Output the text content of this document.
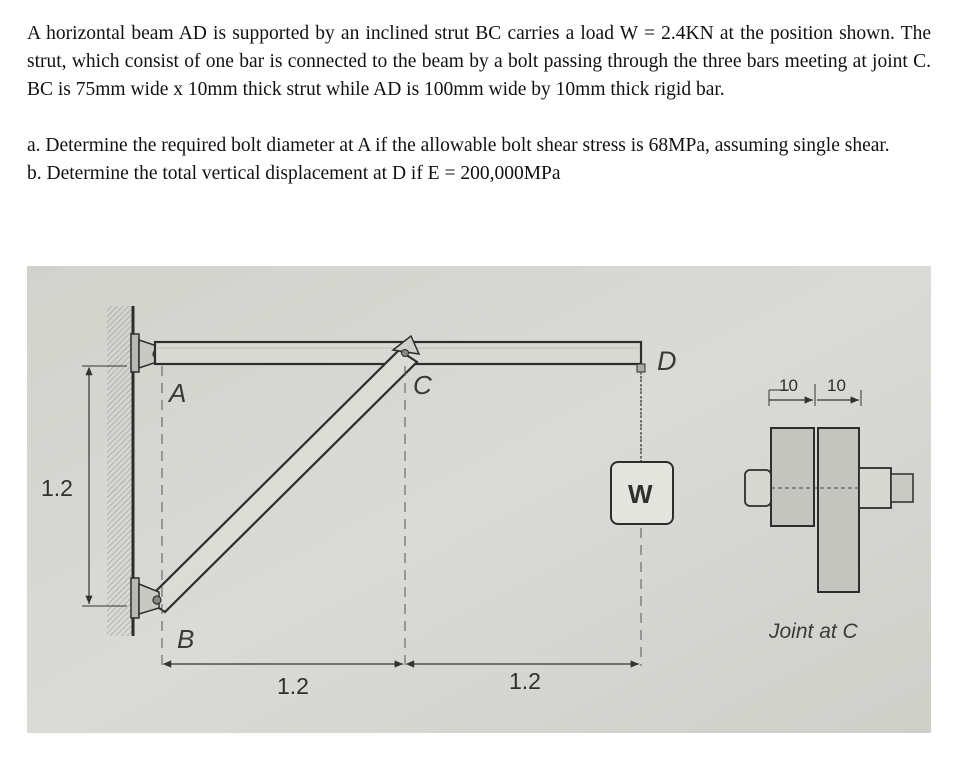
A horizontal beam AD is supported by an inclined strut BC carries a load W = 2.4KN at the position shown. The strut, which consist of one bar is connected to the beam by a bolt passing through the three bars meeting at joint C. BC is 75mm wide x 10mm thick strut while AD is 100mm wide by 10mm thick rigid bar.

a. Determine the required bolt diameter at A if the allowable bolt shear stress is 68MPa, assuming single shear.

b. Determine the total vertical displacement at D if E = 200,000MPa

A
B
C
D
W
1.2
1.2	1.2
10 10
Joint at C
